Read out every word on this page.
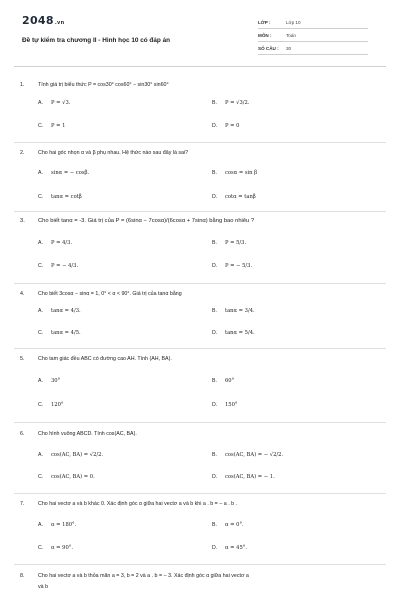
2048.vn
Đề tự kiểm tra chương II - Hình học 10 có đáp án
LỚP :	Lớp 10
MÔN :	Toán
SỐ CÂU :	30
1.	Tính giá trị biểu thức P = cos30° cos60° − sin30° sin60°
A. P = √3.	B. P = √3/2.
C. P = 1	D. P = 0
2.	Cho hai góc nhọn α và β phụ nhau. Hệ thức nào sau đây là sai?
A. sinα = − cosβ.	B. cosα = sin β
C. tanα = cotβ	D. cotα = tanβ
3. Cho biết tanα = -3. Giá trị của P = (6sinα − 7cosα)/(6cosα + 7sinα) bằng bao nhiêu ?
A. P = 4/3.	B. P = 5/3.
C. P = − 4/3.	D. P = − 5/3.
4.	Cho biết 3cosα − sinα = 1, 0° < α < 90°. Giá trị của tanα bằng
A. tanα = 4/3.	B. tanα = 3/4.
C. tanα = 4/5.	D. tanα = 5/4.
5.	Cho tam giác đều ABC có đường cao AH. Tính (AH, BA).
A. 30°	B. 60°
C. 120°	D. 150°
6.	Cho hình vuông ABCD. Tính cos(AC, BA).
A. cos(AC, BA) = √2/2.	B. cos(AC, BA) = − √2/2.
C. cos(AC, BA) = 0.	D. cos(AC, BA) = − 1.
7.	Cho hai vectơ a và b khác 0. Xác định góc α giữa hai vectơ a và b khi a . b = − a . b .
A. α = 180°.	B. α = 0°.
C. α = 90°.	D. α = 45°.
8.	Cho hai vectơ a và b thỏa mãn a = 3, b = 2 và a . b = − 3. Xác định góc α giữa hai vectơ a
và b
